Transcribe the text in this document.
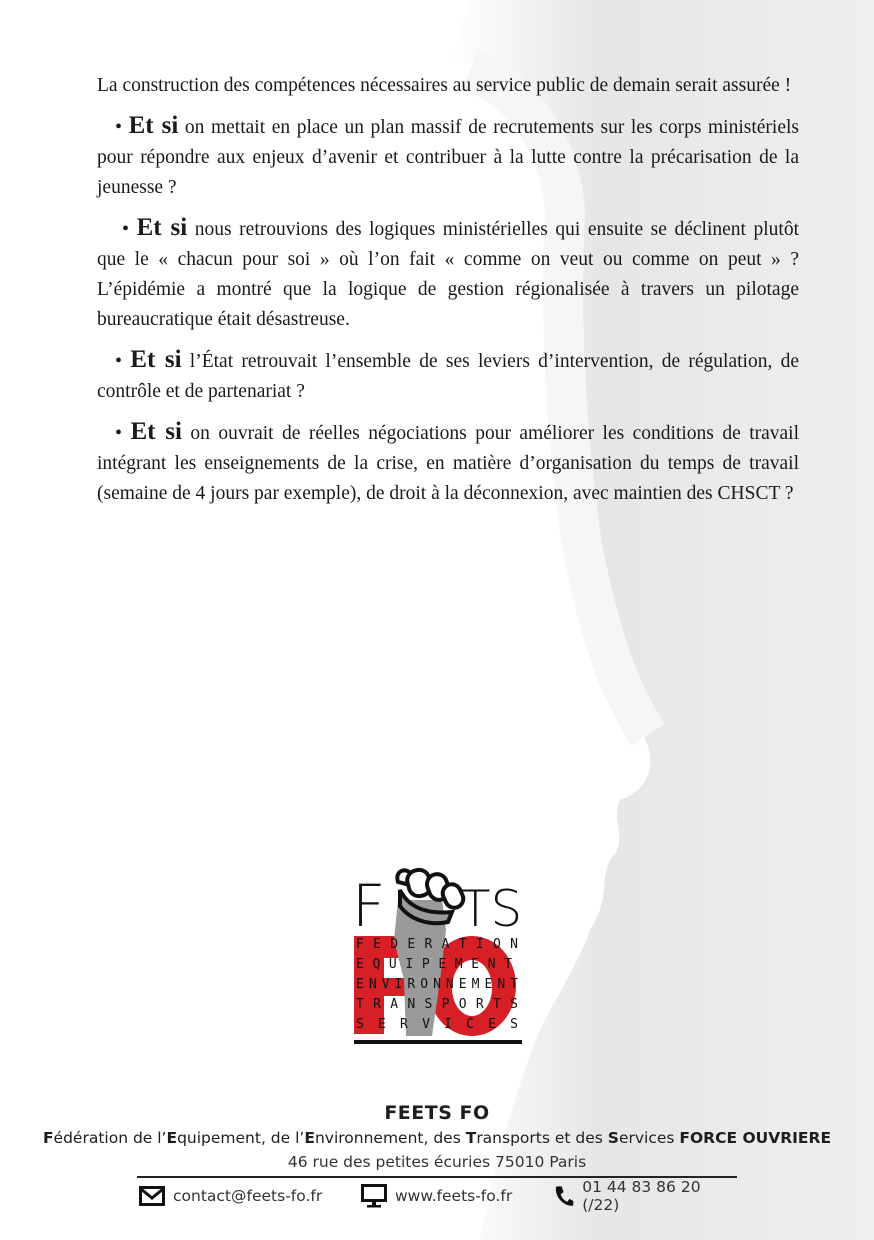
La construction des compétences nécessaires au service public de demain serait assurée !

• Et si on mettait en place un plan massif de recrutements sur les corps ministériels pour répondre aux enjeux d’avenir et contribuer à la lutte contre la précarisation de la jeunesse ?

• Et si nous retrouvions des logiques ministérielles qui ensuite se déclinent plutôt que le « chacun pour soi » où l’on fait « comme on veut ou comme on peut » ? L’épidémie a montré que la logique de gestion régionalisée à travers un pilotage bureaucratique était désastreuse.

• Et si l’État retrouvait l’ensemble de ses leviers d’intervention, de régulation, de contrôle et de partenariat ?

• Et si on ouvrait de réelles négociations pour améliorer les conditions de travail intégrant les enseignements de la crise, en matière d’organisation du temps de travail (semaine de 4 jours par exemple), de droit à la déconnexion, avec maintien des CHSCT ?

F TS
FEDERATION
EQUIPEMENT
ENVIRONNEMENT
TRANSPORTS
SERVICES
FEETS FO
Fédération de l’Equipement, de l’Environnement, des Transports et des Services FORCE OUVRIERE
46 rue des petites écuries 75010 Paris
contact@feets-fo.fr	www.feets-fo.fr	01 44 83 86 20 (/22)
